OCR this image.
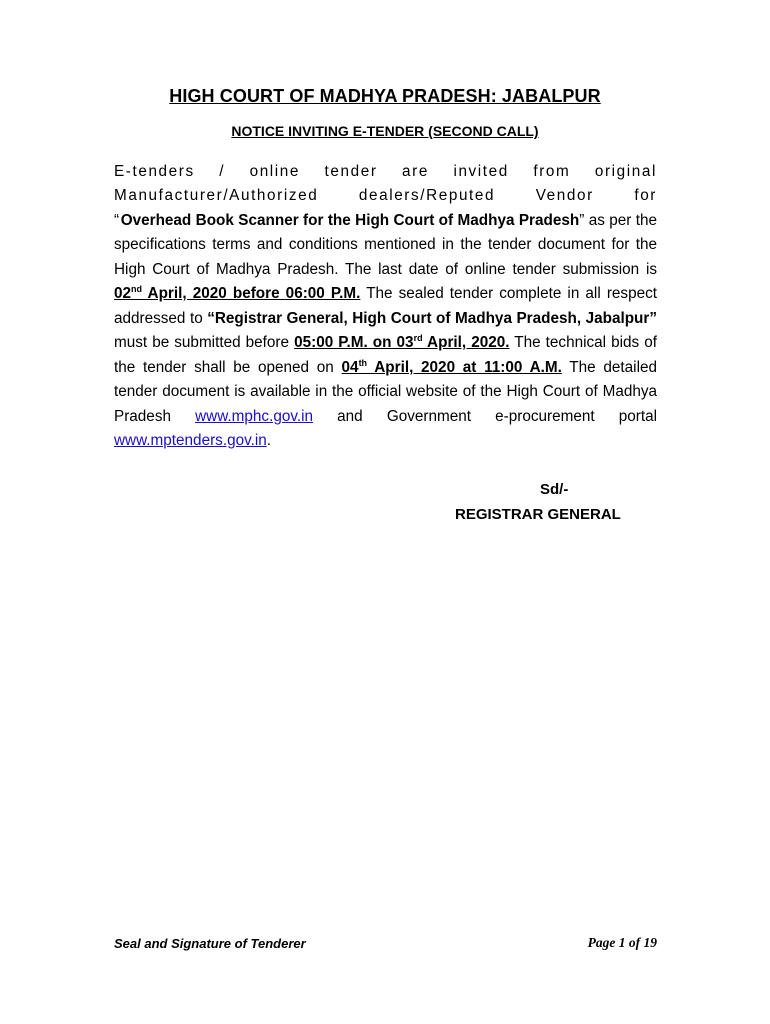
HIGH COURT OF MADHYA PRADESH: JABALPUR
NOTICE INVITING E-TENDER (SECOND CALL)
E-tenders / online tender are invited from original Manufacturer/Authorized dealers/Reputed Vendor for “Overhead Book Scanner for the High Court of Madhya Pradesh” as per the specifications terms and conditions mentioned in the tender document for the High Court of Madhya Pradesh. The last date of online tender submission is 02nd April, 2020 before 06:00 P.M. The sealed tender complete in all respect addressed to “Registrar General, High Court of Madhya Pradesh, Jabalpur” must be submitted before 05:00 P.M. on 03rd April, 2020. The technical bids of the tender shall be opened on 04th April, 2020 at 11:00 A.M. The detailed tender document is available in the official website of the High Court of Madhya Pradesh www.mphc.gov.in and Government e-procurement portal www.mptenders.gov.in.
Sd/-
REGISTRAR GENERAL
Seal and Signature of Tenderer	Page 1 of 19
